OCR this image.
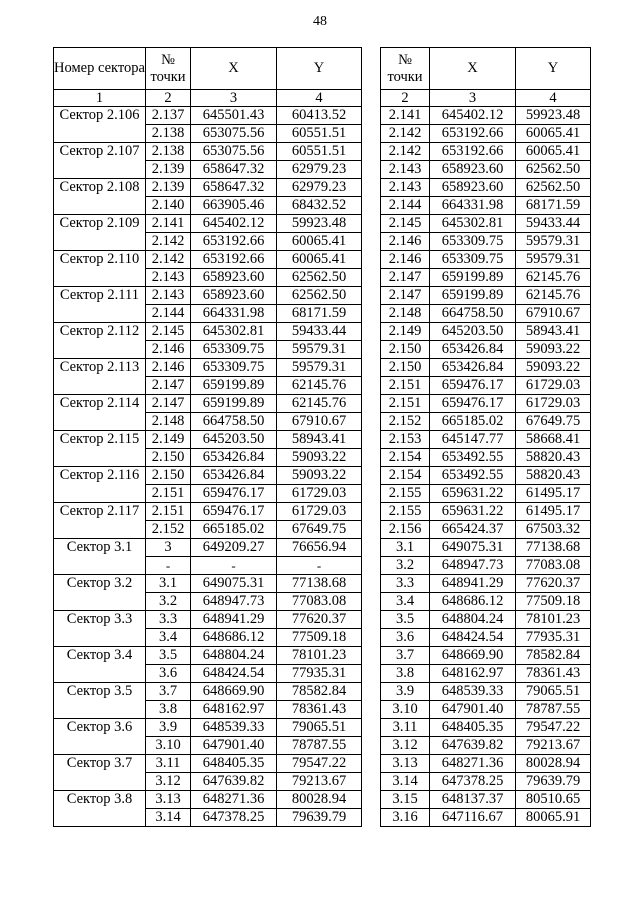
48
Номер сектора	№ точки	X	Y
1	2	3	4
Сектор 2.106	2.137	645501.43	60413.52
	2.138	653075.56	60551.51
Сектор 2.107	2.138	653075.56	60551.51
	2.139	658647.32	62979.23
Сектор 2.108	2.139	658647.32	62979.23
	2.140	663905.46	68432.52
Сектор 2.109	2.141	645402.12	59923.48
	2.142	653192.66	60065.41
Сектор 2.110	2.142	653192.66	60065.41
	2.143	658923.60	62562.50
Сектор 2.111	2.143	658923.60	62562.50
	2.144	664331.98	68171.59
Сектор 2.112	2.145	645302.81	59433.44
	2.146	653309.75	59579.31
Сектор 2.113	2.146	653309.75	59579.31
	2.147	659199.89	62145.76
Сектор 2.114	2.147	659199.89	62145.76
	2.148	664758.50	67910.67
Сектор 2.115	2.149	645203.50	58943.41
	2.150	653426.84	59093.22
Сектор 2.116	2.150	653426.84	59093.22
	2.151	659476.17	61729.03
Сектор 2.117	2.151	659476.17	61729.03
	2.152	665185.02	67649.75
Сектор 3.1	3	649209.27	76656.94
	-	-	-
Сектор 3.2	3.1	649075.31	77138.68
	3.2	648947.73	77083.08
Сектор 3.3	3.3	648941.29	77620.37
	3.4	648686.12	77509.18
Сектор 3.4	3.5	648804.24	78101.23
	3.6	648424.54	77935.31
Сектор 3.5	3.7	648669.90	78582.84
	3.8	648162.97	78361.43
Сектор 3.6	3.9	648539.33	79065.51
	3.10	647901.40	78787.55
Сектор 3.7	3.11	648405.35	79547.22
	3.12	647639.82	79213.67
Сектор 3.8	3.13	648271.36	80028.94
	3.14	647378.25	79639.79
№ точки	X	Y
2	3	4
2.141	645402.12	59923.48
2.142	653192.66	60065.41
2.142	653192.66	60065.41
2.143	658923.60	62562.50
2.143	658923.60	62562.50
2.144	664331.98	68171.59
2.145	645302.81	59433.44
2.146	653309.75	59579.31
2.146	653309.75	59579.31
2.147	659199.89	62145.76
2.147	659199.89	62145.76
2.148	664758.50	67910.67
2.149	645203.50	58943.41
2.150	653426.84	59093.22
2.150	653426.84	59093.22
2.151	659476.17	61729.03
2.151	659476.17	61729.03
2.152	665185.02	67649.75
2.153	645147.77	58668.41
2.154	653492.55	58820.43
2.154	653492.55	58820.43
2.155	659631.22	61495.17
2.155	659631.22	61495.17
2.156	665424.37	67503.32
3.1	649075.31	77138.68
3.2	648947.73	77083.08
3.3	648941.29	77620.37
3.4	648686.12	77509.18
3.5	648804.24	78101.23
3.6	648424.54	77935.31
3.7	648669.90	78582.84
3.8	648162.97	78361.43
3.9	648539.33	79065.51
3.10	647901.40	78787.55
3.11	648405.35	79547.22
3.12	647639.82	79213.67
3.13	648271.36	80028.94
3.14	647378.25	79639.79
3.15	648137.37	80510.65
3.16	647116.67	80065.91
